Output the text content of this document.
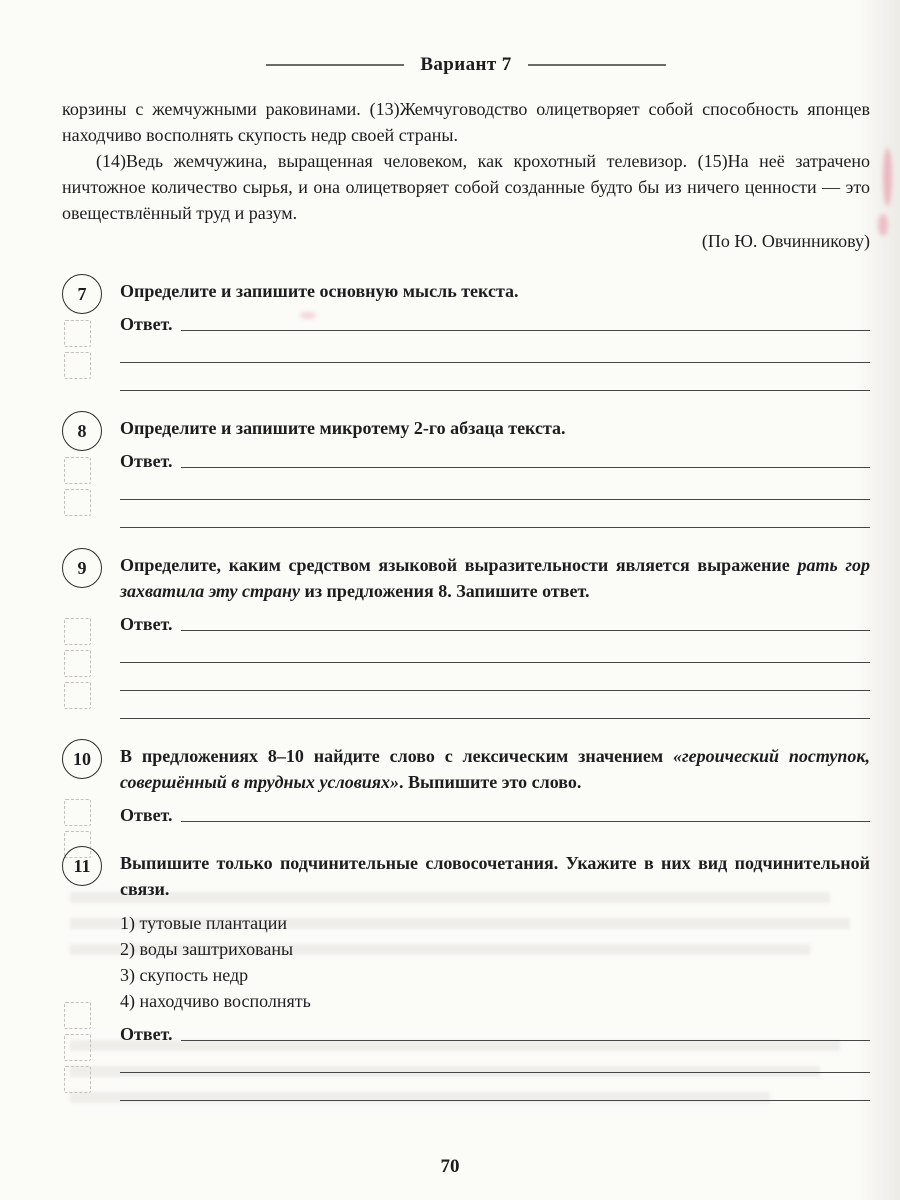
Вариант 7

корзины с жемчужными раковинами. (13)Жемчуговодство олицетворяет собой способность японцев находчиво восполнять скупость недр своей страны.

(14)Ведь жемчужина, выращенная человеком, как крохотный телевизор. (15)На неё затрачено ничтожное количество сырья, и она олицетворяет собой созданные будто бы из ничего ценности — это овеществлённый труд и разум.

(По Ю. Овчинникову)

7	Определите и запишите основную мысль текста.

Ответ.
8	Определите и запишите микротему 2-го абзаца текста.

Ответ.
9	Определите, каким средством языковой выразительности является выражение рать гор захватила эту страну из предложения 8. Запишите ответ.

Ответ.
10	В предложениях 8–10 найдите слово с лексическим значением «героический поступок, совершённый в трудных условиях». Выпишите это слово.

Ответ.
11	Выпишите только подчинительные словосочетания. Укажите в них вид подчинительной связи.

1) тутовые плантации
2) воды заштрихованы
3) скупость недр
4) находчиво восполнять
Ответ.
70
